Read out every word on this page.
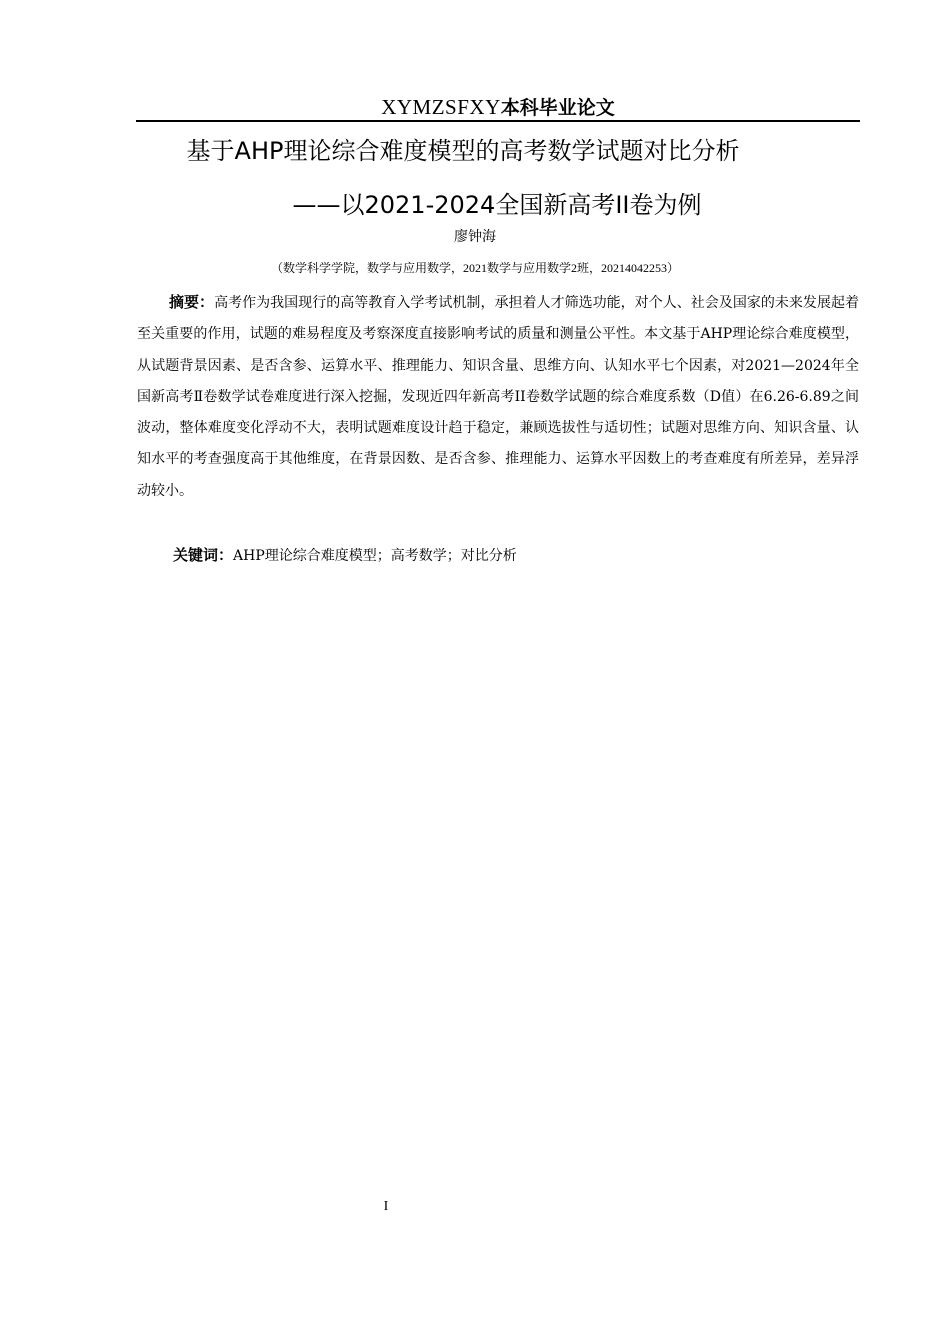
XYMZSFXY本科毕业论文
基于AHP理论综合难度模型的高考数学试题对比分析
——以2021-2024全国新高考II卷为例
廖钟海
（数学科学学院，数学与应用数学，2021数学与应用数学2班，20214042253）

摘要：高考作为我国现行的高等教育入学考试机制，承担着人才筛选功能，对个人、社会及国家的未来发展起着至关重要的作用，试题的难易程度及考察深度直接影响考试的质量和测量公平性。本文基于AHP理论综合难度模型，从试题背景因素、是否含参、运算水平、推理能力、知识含量、思维方向、认知水平七个因素，对2021—2024年全国新高考Ⅱ卷数学试卷难度进行深入挖掘，发现近四年新高考II卷数学试题的综合难度系数（D值）在6.26-6.89之间波动，整体难度变化浮动不大，表明试题难度设计趋于稳定，兼顾选拔性与适切性；试题对思维方向、知识含量、认知水平的考查强度高于其他维度，在背景因数、是否含参、推理能力、运算水平因数上的考查难度有所差异，差异浮动较小。

关键词：AHP理论综合难度模型；高考数学；对比分析

I
